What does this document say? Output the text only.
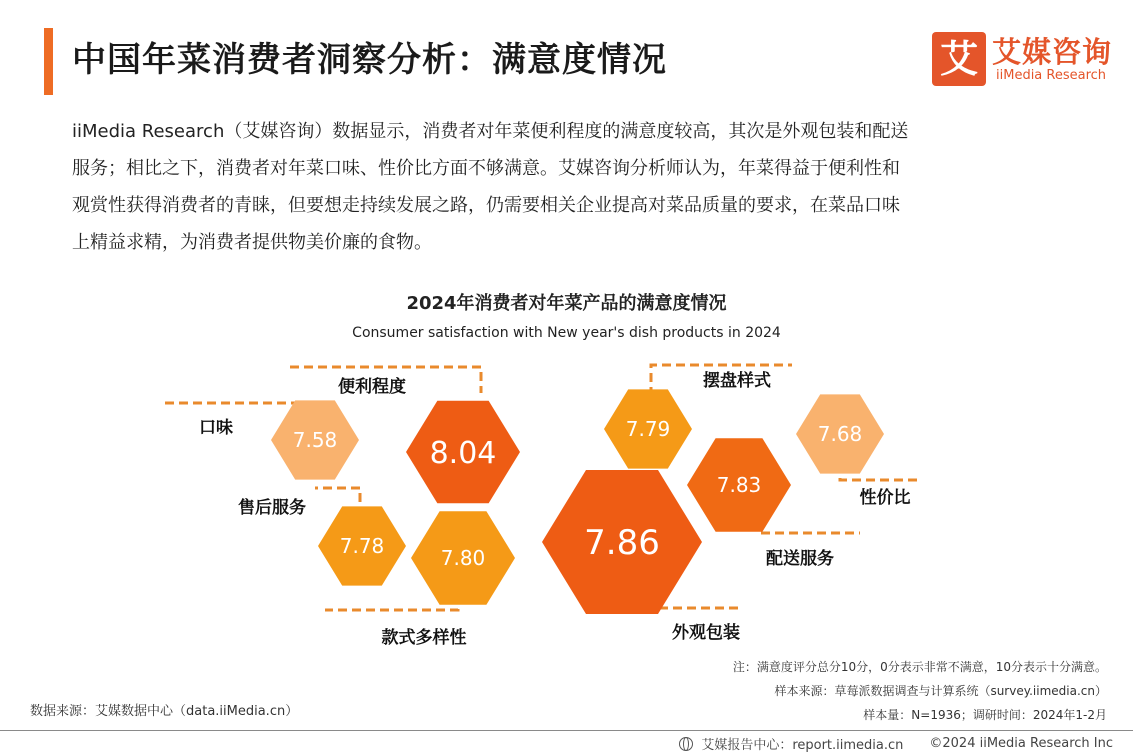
中国年菜消费者洞察分析：满意度情况	艾 艾媒咨询
iiMedia Research
iiMedia Research（艾媒咨询）数据显示，消费者对年菜便利程度的满意度较高，其次是外观包装和配送
服务；相比之下，消费者对年菜口味、性价比方面不够满意。艾媒咨询分析师认为，年菜得益于便利性和
观赏性获得消费者的青睐，但要想走持续发展之路，仍需要相关企业提高对菜品质量的要求，在菜品口味
上精益求精，为消费者提供物美价廉的食物。
2024年消费者对年菜产品的满意度情况
Consumer satisfaction with New year's dish products in 2024
8.04
便利程度
7.86
外观包装
7.83
配送服务
7.80
款式多样性
7.79
摆盘样式
7.78
售后服务
7.68
性价比
7.58
口味
注：满意度评分总分10分，0分表示非常不满意，10分表示十分满意。
样本来源：草莓派数据调查与计算系统（survey.iimedia.cn）
样本量：N=1936；调研时间：2024年1-2月
数据来源：艾媒数据中心（data.iiMedia.cn）
艾媒报告中心：report.iimedia.cn ©2024 iiMedia Research Inc
